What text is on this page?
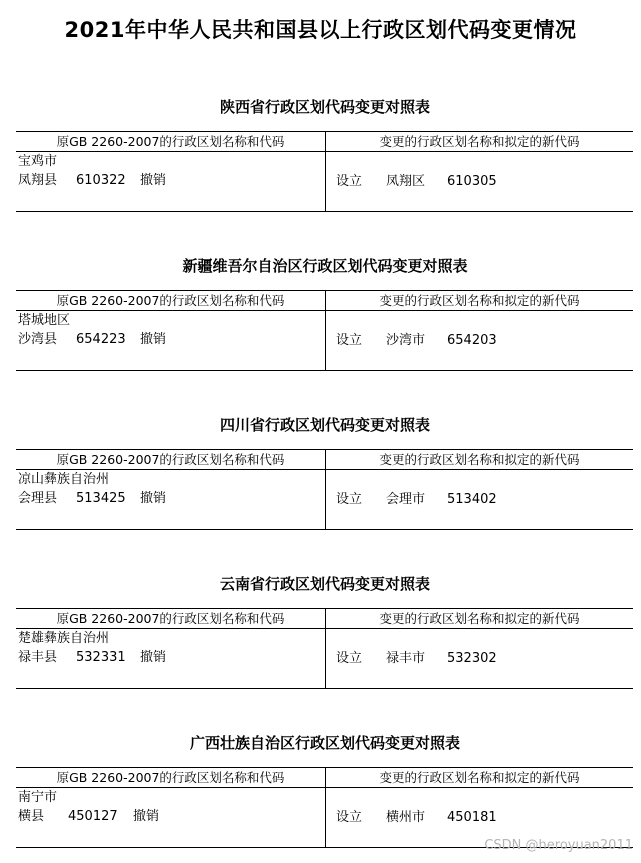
2021年中华人民共和国县以上行政区划代码变更情况
陕西省行政区划代码变更对照表
原GB 2260-2007的行政区划名称和代码	变更的行政区划名称和拟定的新代码
宝鸡市
凤翔县 610322 撤销	设立 凤翔区 610305
新疆维吾尔自治区行政区划代码变更对照表
原GB 2260-2007的行政区划名称和代码	变更的行政区划名称和拟定的新代码
塔城地区
沙湾县 654223 撤销	设立 沙湾市 654203
四川省行政区划代码变更对照表
原GB 2260-2007的行政区划名称和代码	变更的行政区划名称和拟定的新代码
凉山彝族自治州
会理县 513425 撤销	设立 会理市 513402
云南省行政区划代码变更对照表
原GB 2260-2007的行政区划名称和代码	变更的行政区划名称和拟定的新代码
楚雄彝族自治州
禄丰县 532331 撤销	设立 禄丰市 532302
广西壮族自治区行政区划代码变更对照表
原GB 2260-2007的行政区划名称和代码	变更的行政区划名称和拟定的新代码
南宁市
横县 450127 撤销	设立 横州市 450181
CSDN @heroyuan2011
